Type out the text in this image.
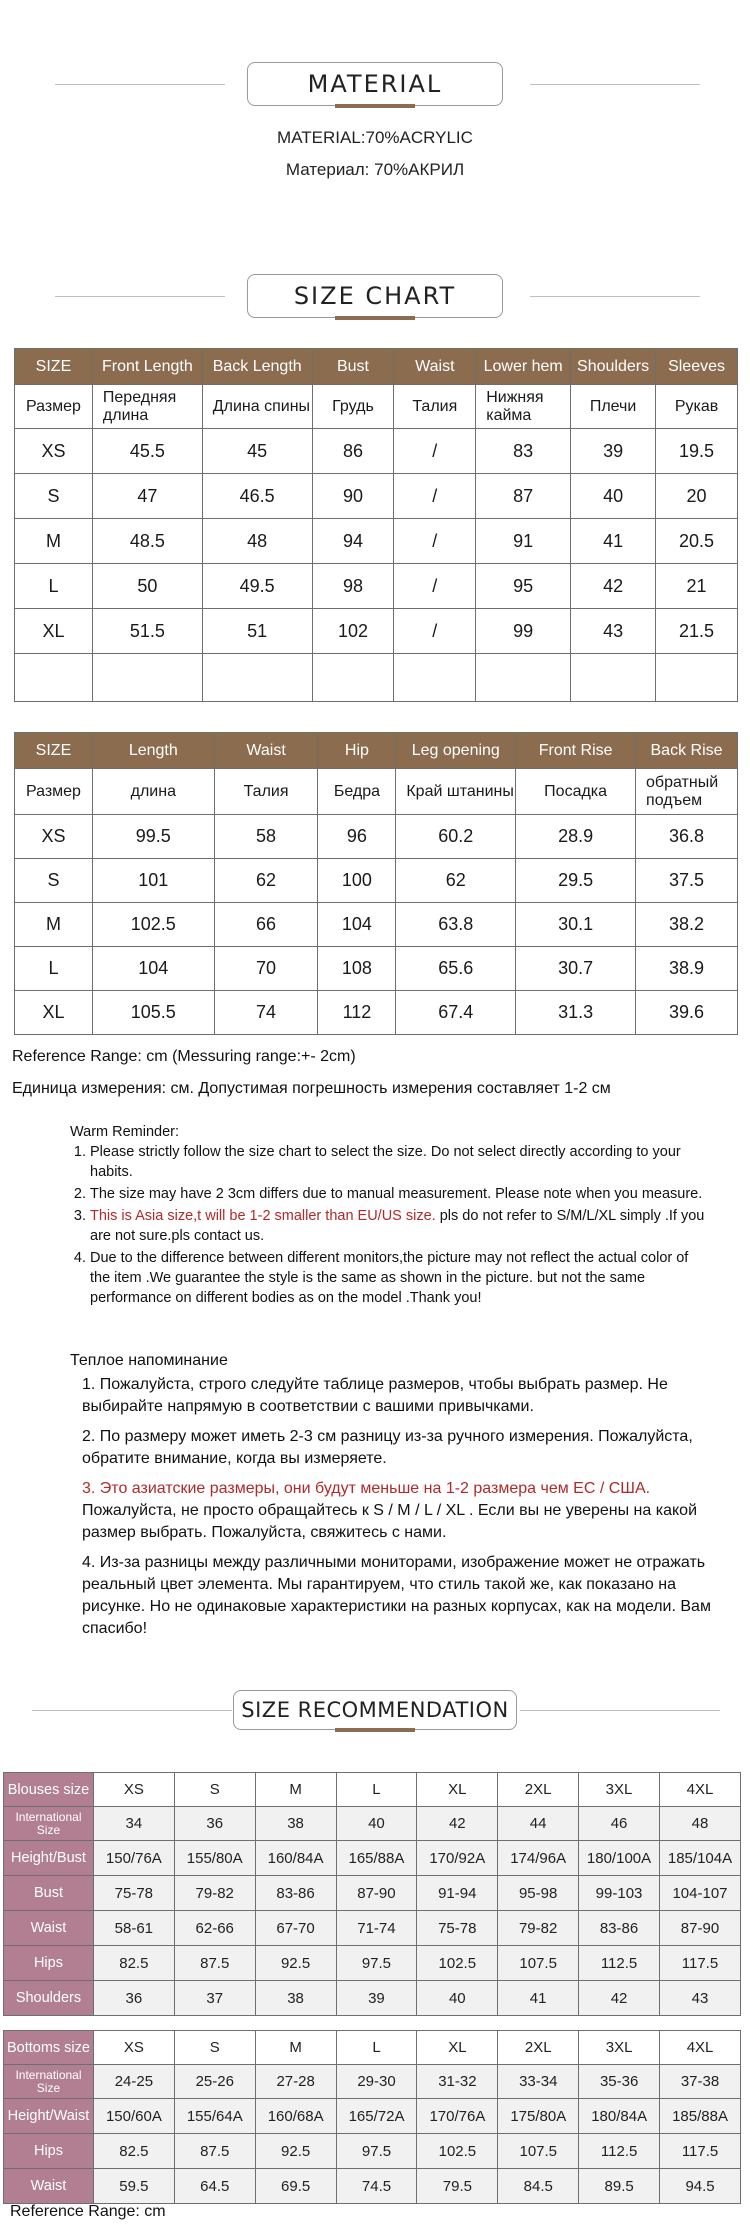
MATERIAL
MATERIAL:70%ACRYLIC
Материал: 70%АКРИЛ
SIZE CHART
SIZE	Front Length	Back Length	Bust	Waist	Lower hem	Shoulders	Sleeves
Размер	Передняя длина	Длина спины	Грудь	Талия	Нижняя кайма	Плечи	Рукав
XS	45.5	45	86	/	83	39	19.5
S	47	46.5	90	/	87	40	20
M	48.5	48	94	/	91	41	20.5
L	50	49.5	98	/	95	42	21
XL	51.5	51	102	/	99	43	21.5

SIZE	Length	Waist	Hip	Leg opening	Front Rise	Back Rise
Размер	длина	Талия	Бедра	Край штанины	Посадка	обратный подъем
XS	99.5	58	96	60.2	28.9	36.8
S	101	62	100	62	29.5	37.5
M	102.5	66	104	63.8	30.1	38.2
L	104	70	108	65.6	30.7	38.9
XL	105.5	74	112	67.4	31.3	39.6
Reference Range: cm (Messuring range:+- 2cm)
Единица измерения: см. Допустимая погрешность измерения составляет 1-2 см
Warm Reminder:
1. Please strictly follow the size chart to select the size. Do not select directly according to your habits.
2. The size may have 2 3cm differs due to manual measurement. Please note when you measure.
3. This is Asia size,t will be 1-2 smaller than EU/US size. pls do not refer to S/M/L/XL simply .If you are not sure.pls contact us.
4. Due to the difference between different monitors,the picture may not reflect the actual color of the item .We guarantee the style is the same as shown in the picture. but not the same performance on different bodies as on the model .Thank you!

Теплое напоминание

1. Пожалуйста, строго следуйте таблице размеров, чтобы выбрать размер. Не выбирайте напрямую в соответствии с вашими привычками.

2. По размеру может иметь 2-3 см разницу из-за ручного измерения. Пожалуйста, обратите внимание, когда вы измеряете.

3. Это азиатские размеры, они будут меньше на 1-2 размера чем EC / США.
Пожалуйста, не просто обращайтесь к S / M / L / XL . Если вы не уверены на какой размер выбрать. Пожалуйста, свяжитесь с нами.

4. Из-за разницы между различными мониторами, изображение может не отражать реальный цвет элемента. Мы гарантируем, что стиль такой же, как показано на рисунке. Но не одинаковые характеристики на разных корпусах, как на модели. Вам спасибо!

SIZE RECOMMENDATION
Blouses size	XS	S	M	L	XL	2XL	3XL	4XL
International Size	34	36	38	40	42	44	46	48
Height/Bust	150/76A	155/80A	160/84A	165/88A	170/92A	174/96A	180/100A	185/104A
Bust	75-78	79-82	83-86	87-90	91-94	95-98	99-103	104-107
Waist	58-61	62-66	67-70	71-74	75-78	79-82	83-86	87-90
Hips	82.5	87.5	92.5	97.5	102.5	107.5	112.5	117.5
Shoulders	36	37	38	39	40	41	42	43
Bottoms size	XS	S	M	L	XL	2XL	3XL	4XL
International Size	24-25	25-26	27-28	29-30	31-32	33-34	35-36	37-38
Height/Waist	150/60A	155/64A	160/68A	165/72A	170/76A	175/80A	180/84A	185/88A
Hips	82.5	87.5	92.5	97.5	102.5	107.5	112.5	117.5
Waist	59.5	64.5	69.5	74.5	79.5	84.5	89.5	94.5
Reference Range: cm
